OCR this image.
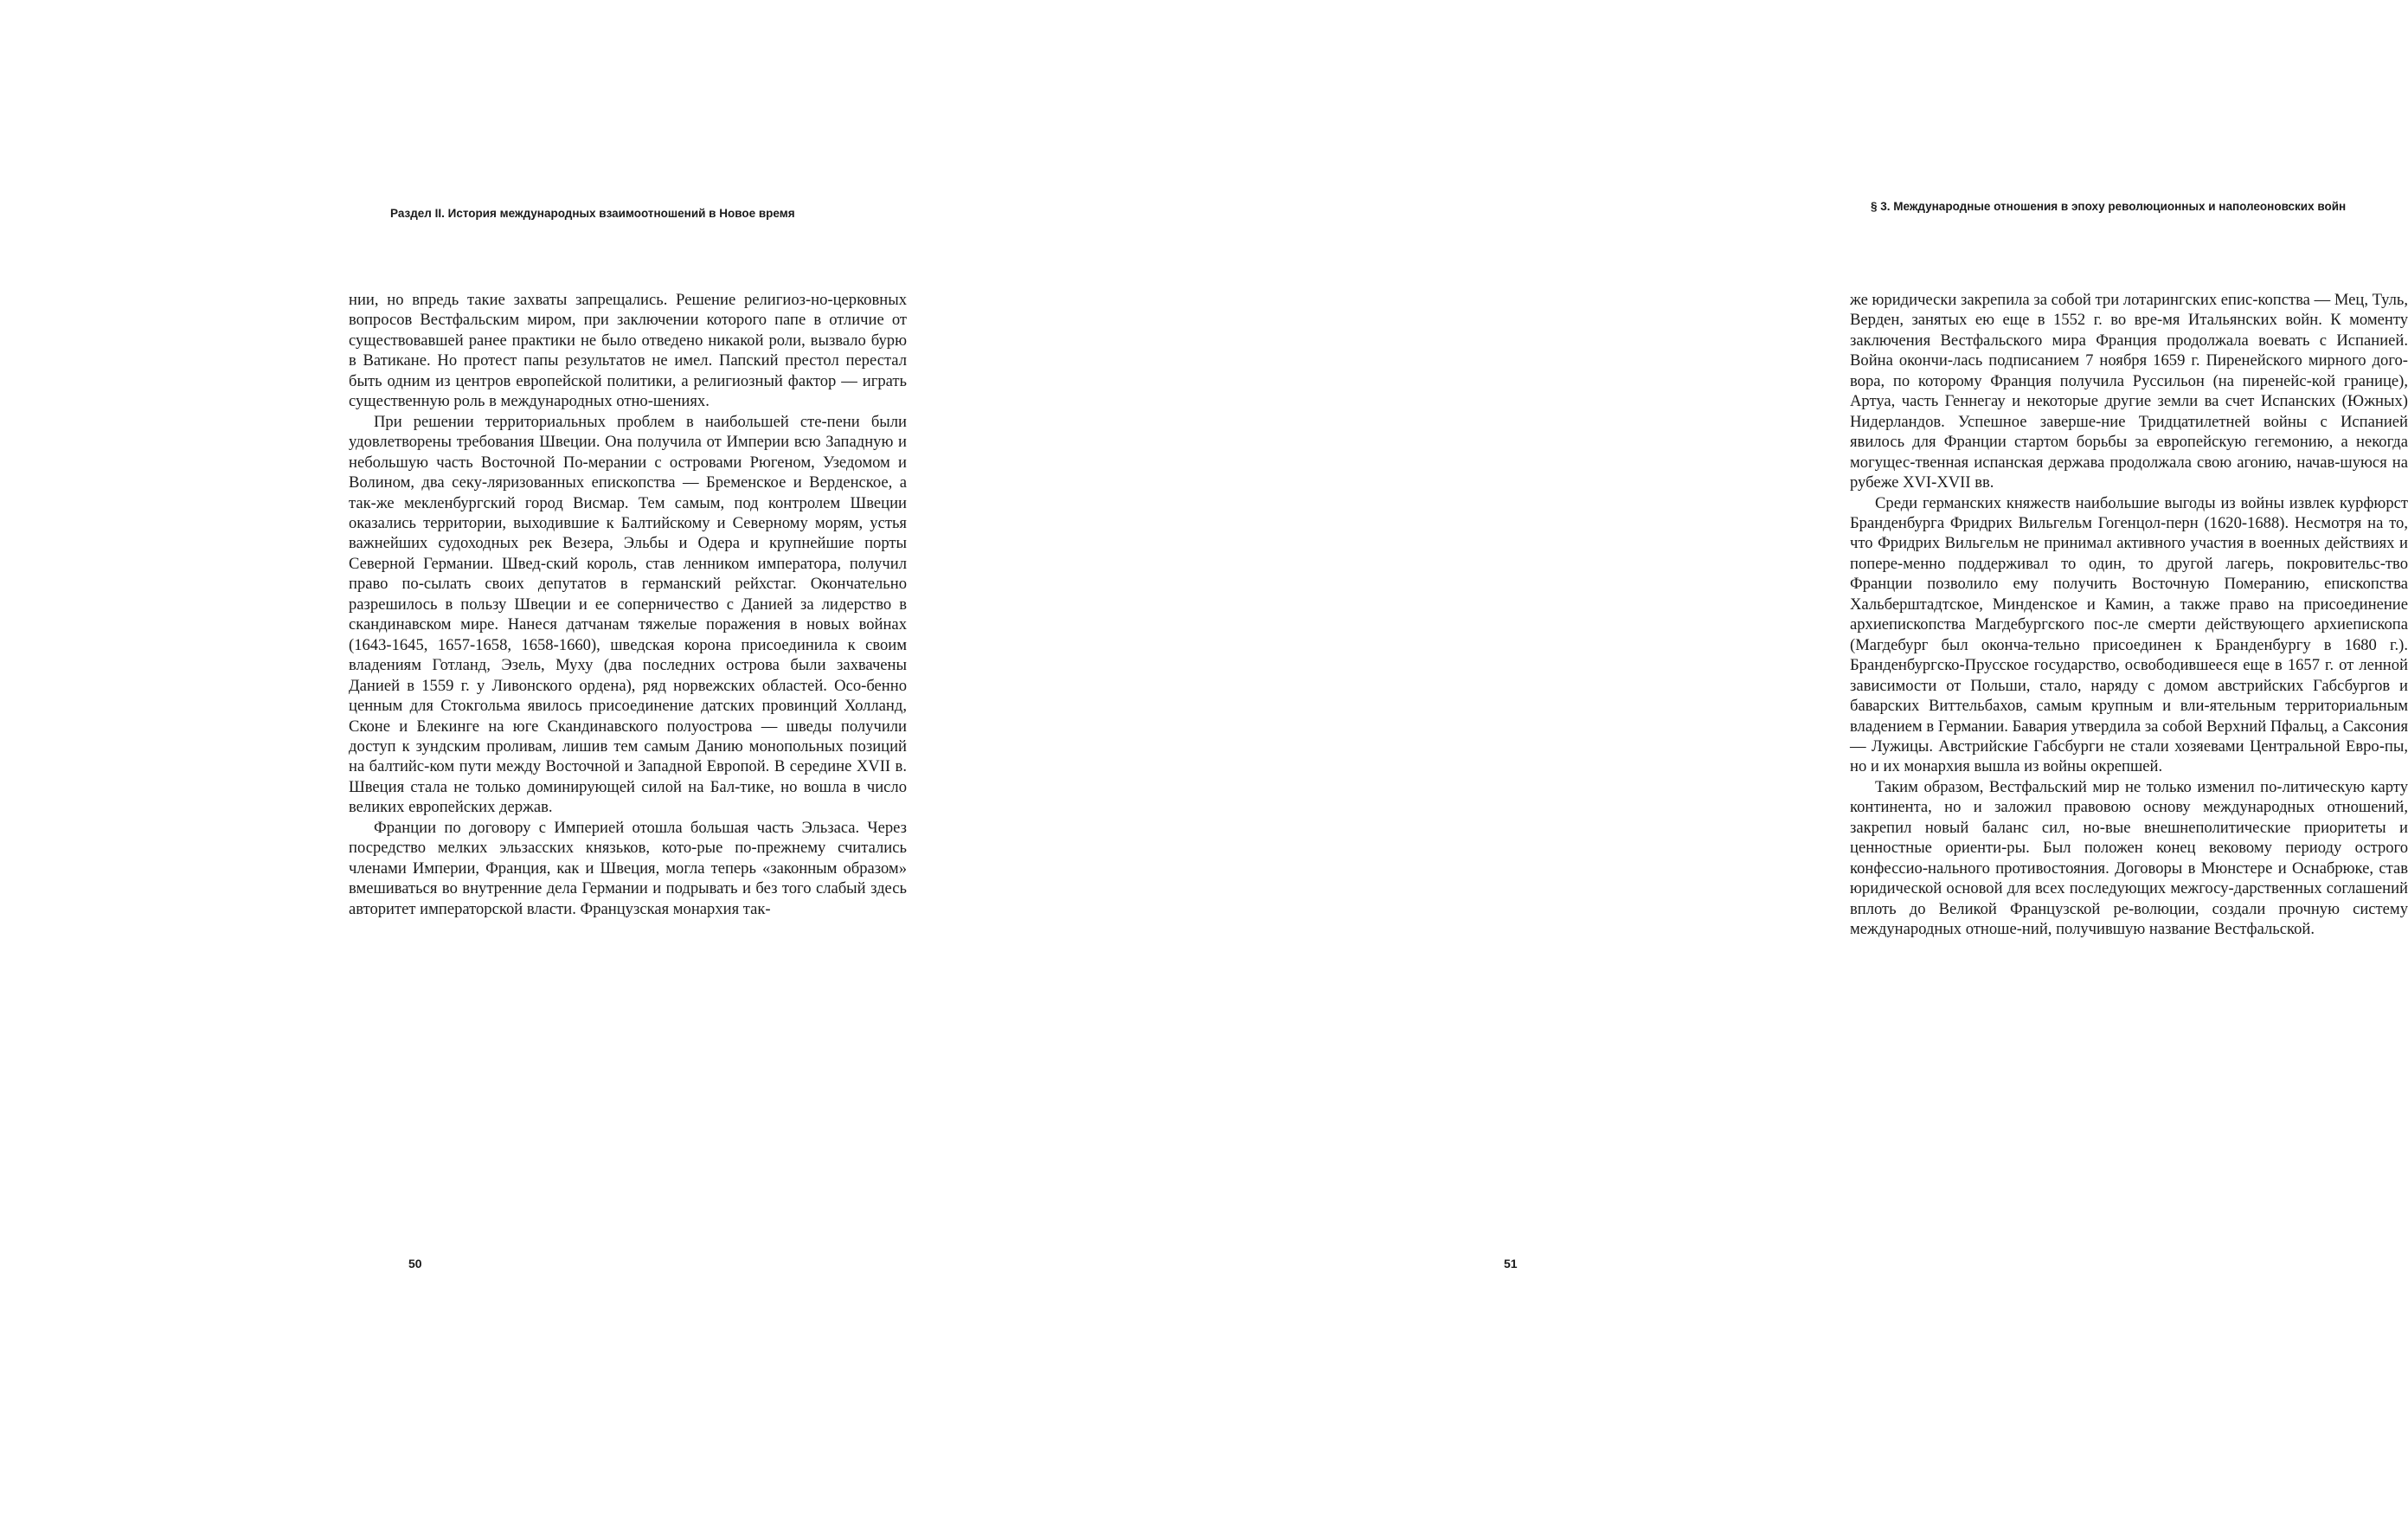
Раздел II. История международных взаимоотношений в Новое время

нии, но впредь такие захваты запрещались. Решение религиоз-но-церковных вопросов Вестфальским миром, при заключении которого папе в отличие от существовавшей ранее практики не было отведено никакой роли, вызвало бурю в Ватикане. Но протест папы результатов не имел. Папский престол перестал быть одним из центров европейской политики, а религиозный фактор — играть существенную роль в международных отно-шениях.

При решении территориальных проблем в наибольшей сте-пени были удовлетворены требования Швеции. Она получила от Империи всю Западную и небольшую часть Восточной По-мерании с островами Рюгеном, Узедомом и Волином, два секу-ляризованных епископства — Бременское и Верденское, а так-же мекленбургский город Висмар. Тем самым, под контролем Швеции оказались территории, выходившие к Балтийскому и Северному морям, устья важнейших судоходных рек Везера, Эльбы и Одера и крупнейшие порты Северной Германии. Швед-ский король, став ленником императора, получил право по-сылать своих депутатов в германский рейхстаг. Окончательно разрешилось в пользу Швеции и ее соперничество с Данией за лидерство в скандинавском мире. Нанеся датчанам тяжелые поражения в новых войнах (1643-1645, 1657-1658, 1658-1660), шведская корона присоединила к своим владениям Готланд, Эзель, Муху (два последних острова были захвачены Данией в 1559 г. у Ливонского ордена), ряд норвежских областей. Осо-бенно ценным для Стокгольма явилось присоединение датских провинций Холланд, Сконе и Блекинге на юге Скандинавского полуострова — шведы получили доступ к зундским проливам, лишив тем самым Данию монопольных позиций на балтийс-ком пути между Восточной и Западной Европой. В середине XVII в. Швеция стала не только доминирующей силой на Бал-тике, но вошла в число великих европейских держав.

Франции по договору с Империей отошла большая часть Эльзаса. Через посредство мелких эльзасских князьков, кото-рые по-прежнему считались членами Империи, Франция, как и Швеция, могла теперь «законным образом» вмешиваться во внутренние дела Германии и подрывать и без того слабый здесь авторитет императорской власти. Французская монархия так-

50
§ 3. Международные отношения в эпоху революционных и наполеоновских войн

же юридически закрепила за собой три лотарингских епис-копства — Мец, Туль, Верден, занятых ею еще в 1552 г. во вре-мя Итальянских войн. К моменту заключения Вестфальского мира Франция продолжала воевать с Испанией. Война окончи-лась подписанием 7 ноября 1659 г. Пиренейского мирного дого-вора, по которому Франция получила Руссильон (на пиренейс-кой границе), Артуа, часть Геннегау и некоторые другие земли ва счет Испанских (Южных) Нидерландов. Успешное заверше-ние Тридцатилетней войны с Испанией явилось для Франции стартом борьбы за европейскую гегемонию, а некогда могущес-твенная испанская держава продолжала свою агонию, начав-шуюся на рубеже XVI-XVII вв.

Среди германских княжеств наибольшие выгоды из войны извлек курфюрст Бранденбурга Фридрих Вильгельм Гогенцол-перн (1620-1688). Несмотря на то, что Фридрих Вильгельм не принимал активного участия в военных действиях и попере-менно поддерживал то один, то другой лагерь, покровительс-тво Франции позволило ему получить Восточную Померанию, епископства Хальберштадтское, Минденское и Камин, а также право на присоединение архиепископства Магдебургского пос-ле смерти действующего архиепископа (Магдебург был оконча-тельно присоединен к Бранденбургу в 1680 г.). Бранденбургско-Прусское государство, освободившееся еще в 1657 г. от ленной зависимости от Польши, стало, наряду с домом австрийских Габсбургов и баварских Виттельбахов, самым крупным и вли-ятельным территориальным владением в Германии. Бавария утвердила за собой Верхний Пфальц, а Саксония — Лужицы. Австрийские Габсбурги не стали хозяевами Центральной Евро-пы, но и их монархия вышла из войны окрепшей.

Таким образом, Вестфальский мир не только изменил по-литическую карту континента, но и заложил правовою основу международных отношений, закрепил новый баланс сил, но-вые внешнеполитические приоритеты и ценностные ориенти-ры. Был положен конец вековому периоду острого конфессио-нального противостояния. Договоры в Мюнстере и Оснабрюке, став юридической основой для всех последующих межгосу-дарственных соглашений вплоть до Великой Французской ре-волюции, создали прочную систему международных отноше-ний, получившую название Вестфальской.

51
